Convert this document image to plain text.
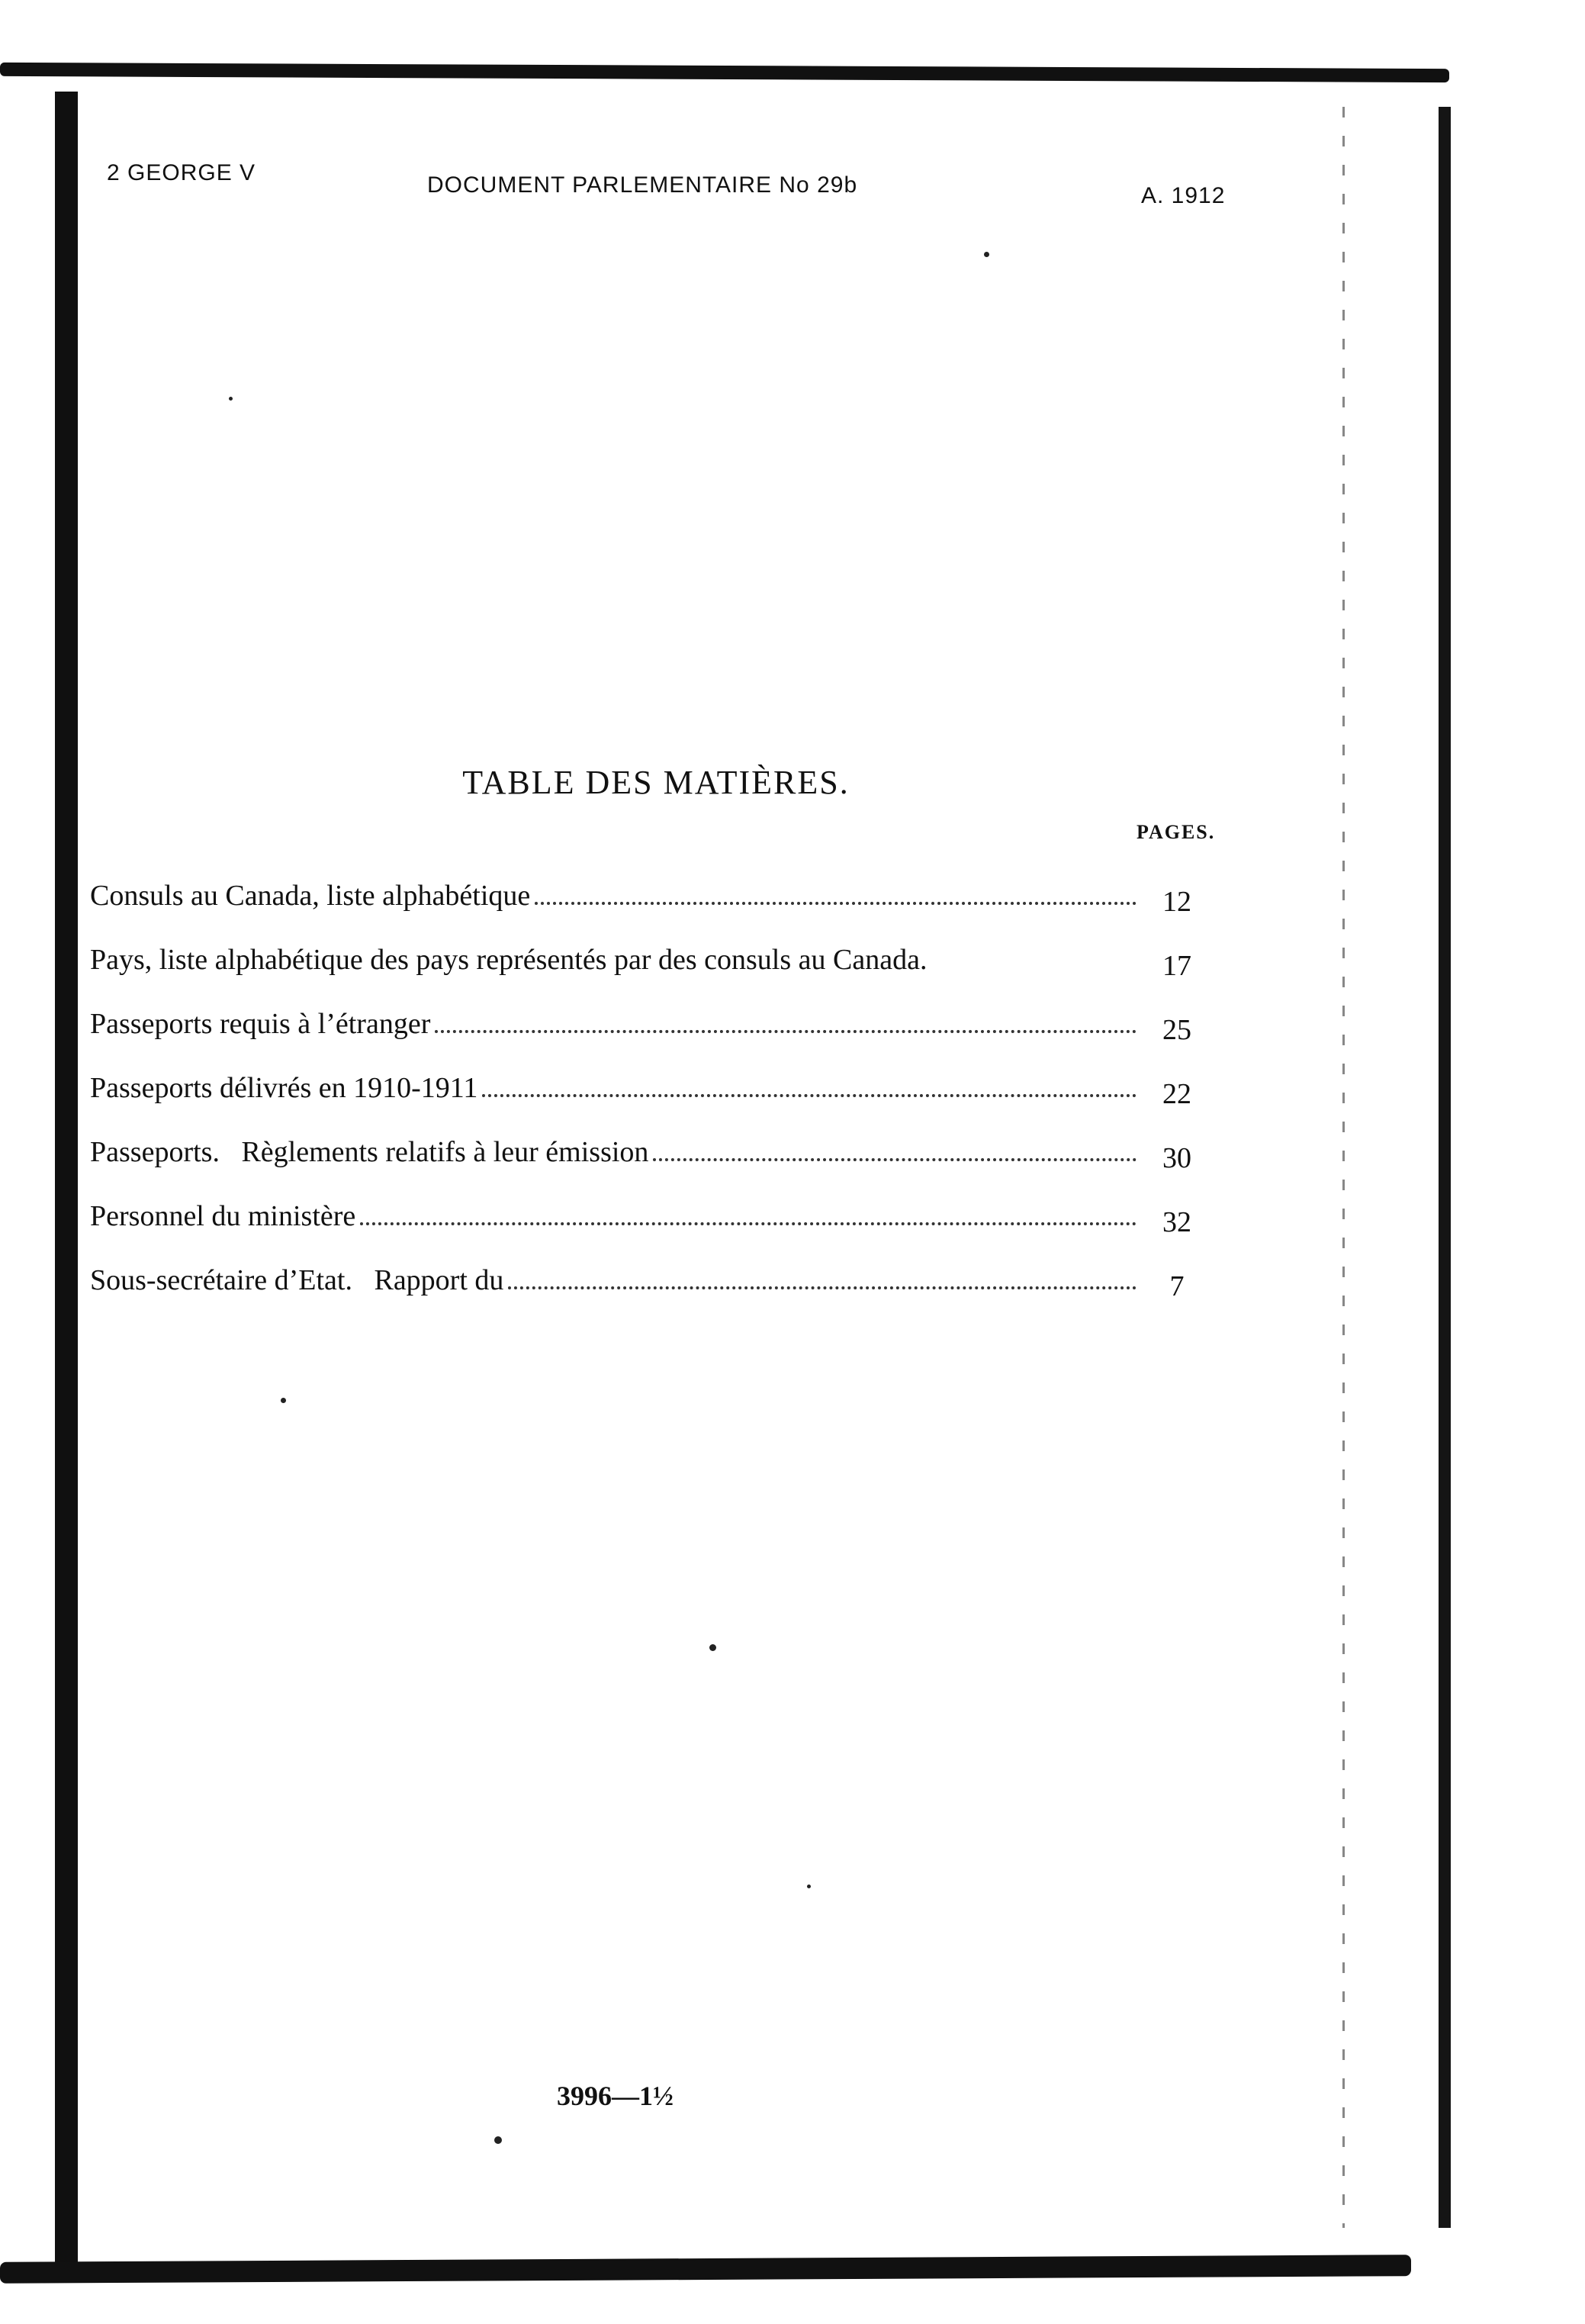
2 GEORGE V	DOCUMENT PARLEMENTAIRE No 29b	A. 1912
TABLE DES MATIÈRES.
PAGES.
Consuls au Canada, liste alphabétique	12
Pays, liste alphabétique des pays représentés par des consuls au Canada.	17
Passeports requis à l’étranger	25
Passeports délivrés en 1910-1911	22
Passeports.   Règlements relatifs à leur émission	30
Personnel du ministère	32
Sous-secrétaire d’Etat.   Rapport du	7
3996—1½
